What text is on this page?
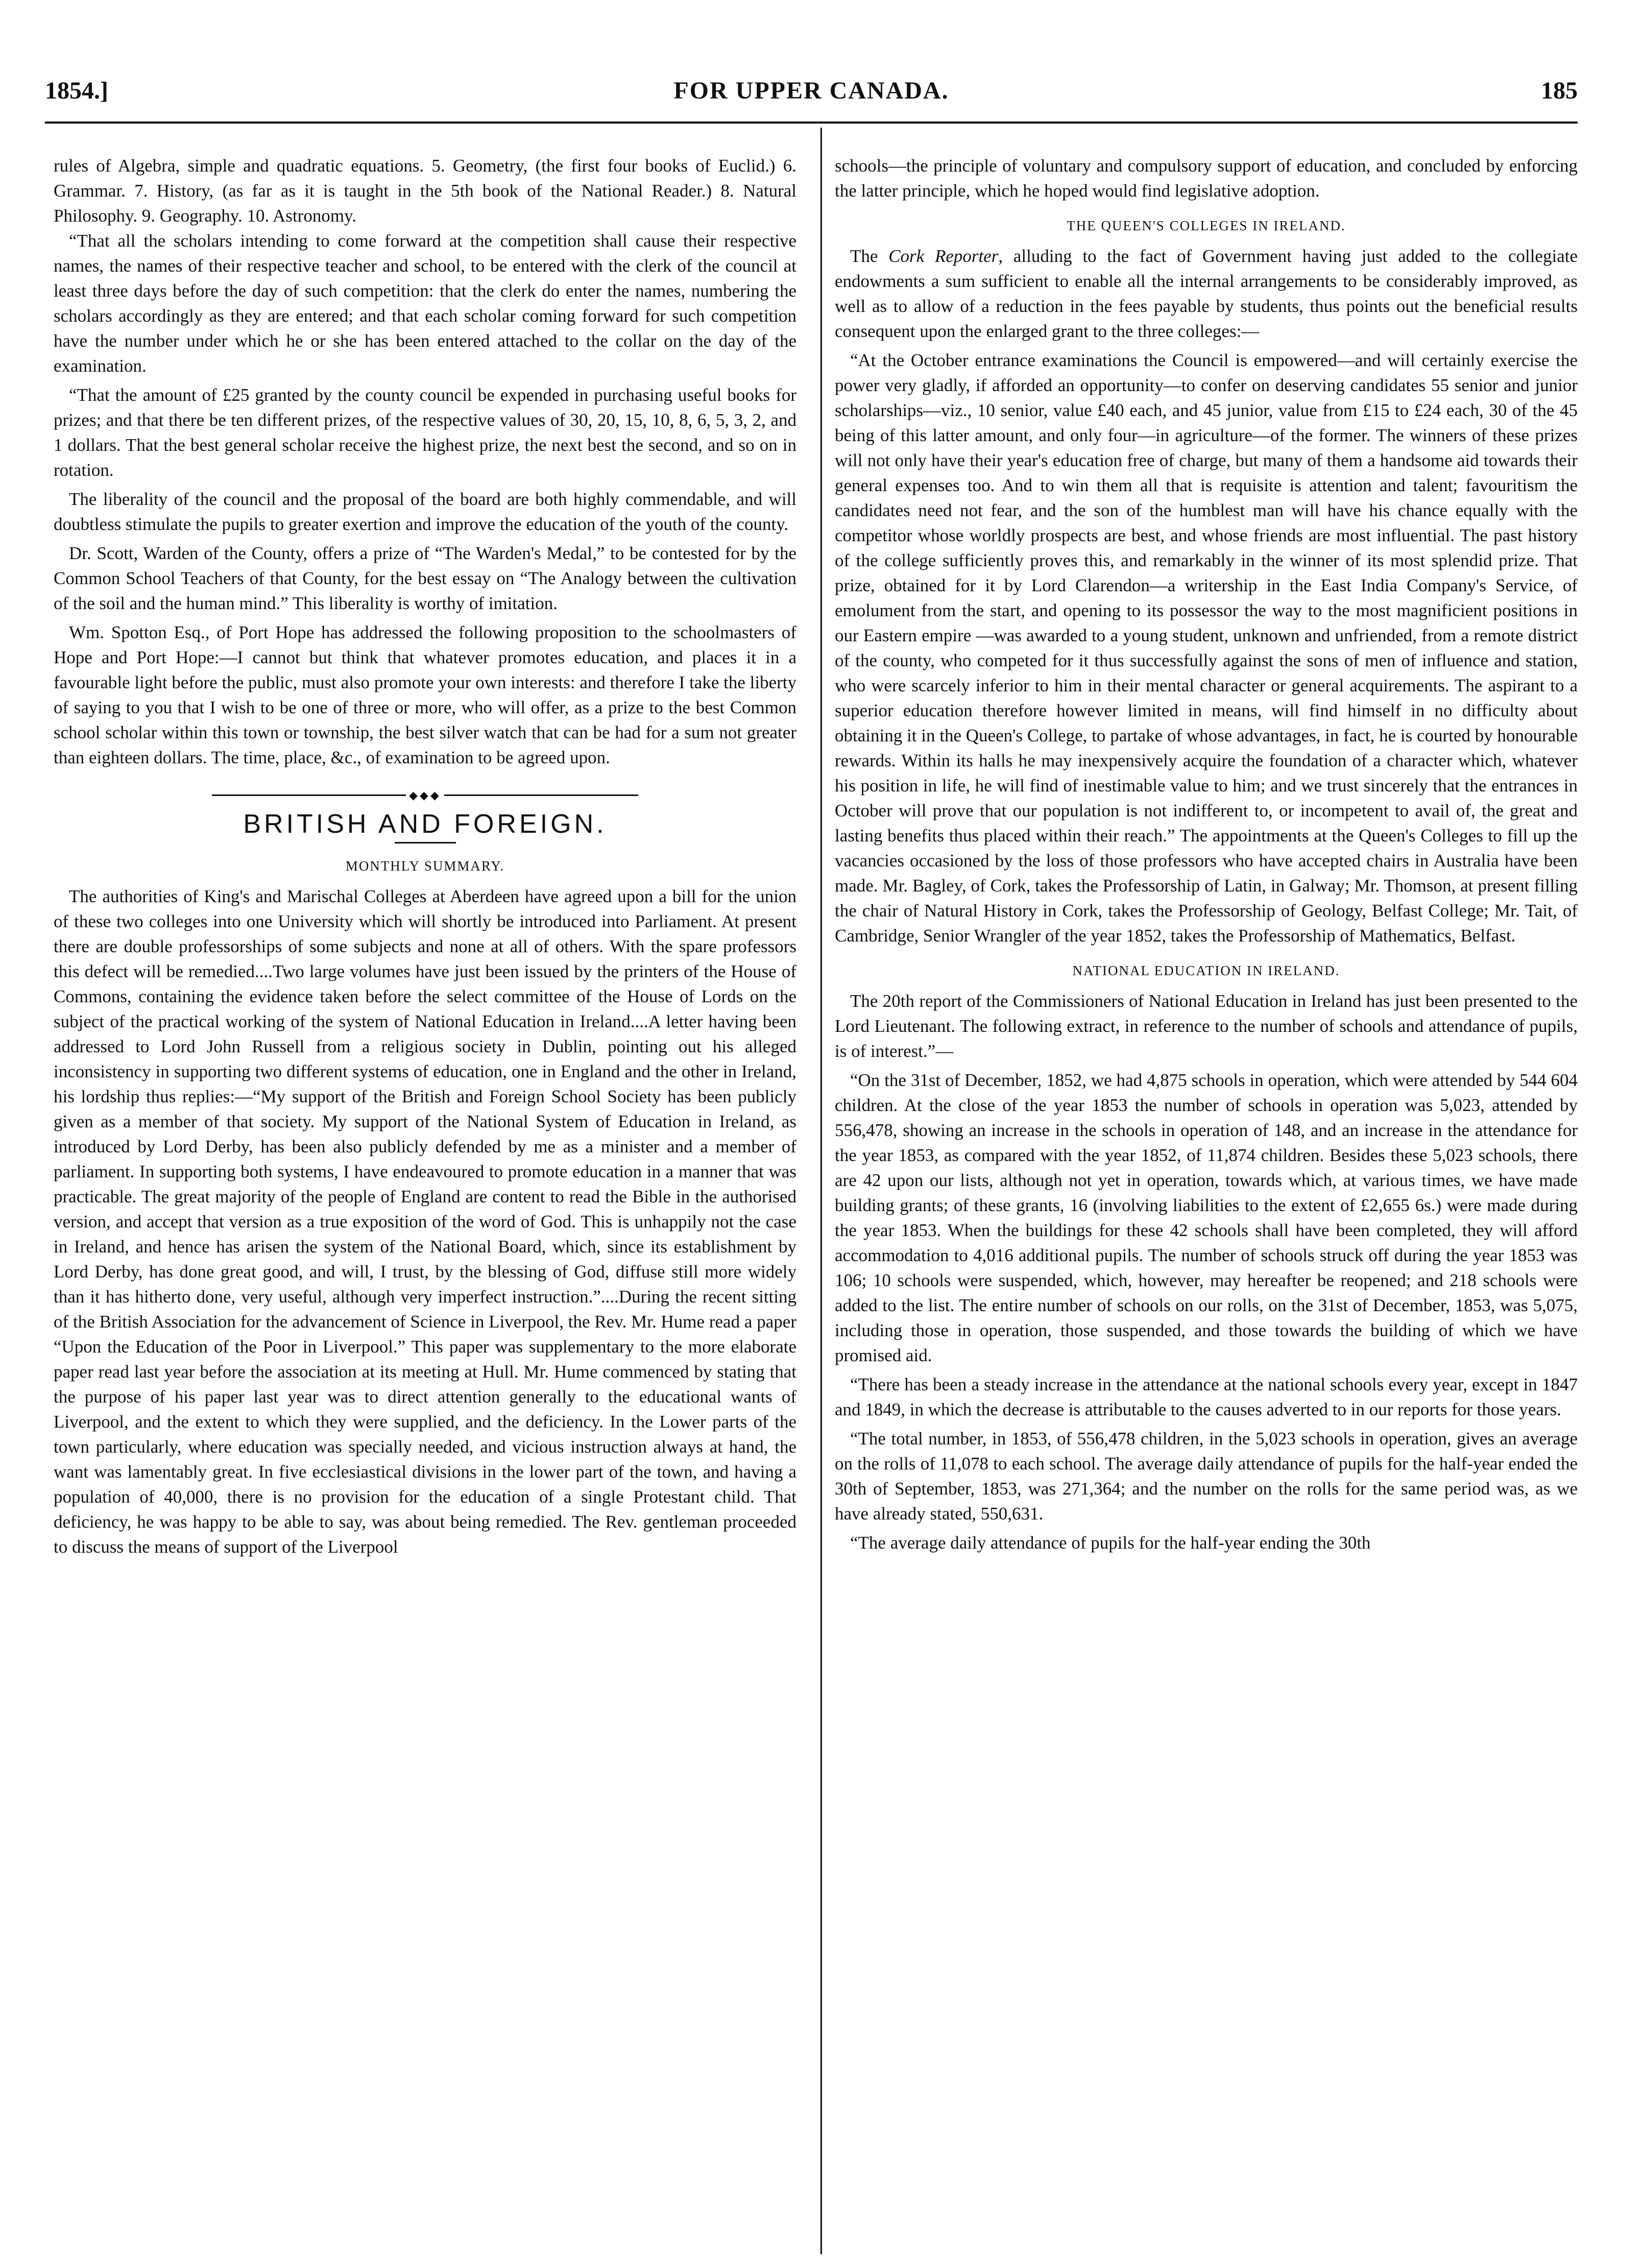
1854.]	FOR UPPER CANADA.	185

rules of Algebra, simple and quadratic equations. 5. Geometry, (the first four books of Euclid.) 6. Grammar. 7. History, (as far as it is taught in the 5th book of the National Reader.) 8. Natural Philosophy. 9. Geography. 10. Astronomy.

“That all the scholars intending to come forward at the competition shall cause their respective names, the names of their respective teacher and school, to be entered with the clerk of the council at least three days before the day of such competition: that the clerk do enter the names, numbering the scholars accordingly as they are entered; and that each scholar coming forward for such competition have the number under which he or she has been entered attached to the collar on the day of the examination.

“That the amount of £25 granted by the county council be expended in purchasing useful books for prizes; and that there be ten different prizes, of the respective values of 30, 20, 15, 10, 8, 6, 5, 3, 2, and 1 dollars. That the best general scholar receive the highest prize, the next best the second, and so on in rotation.

The liberality of the council and the proposal of the board are both highly commendable, and will doubtless stimulate the pupils to greater exertion and improve the education of the youth of the county.

Dr. Scott, Warden of the County, offers a prize of “The Warden's Medal,” to be contested for by the Common School Teachers of that County, for the best essay on “The Analogy between the cultivation of the soil and the human mind.” This liberality is worthy of imitation.

Wm. Spotton Esq., of Port Hope has addressed the following proposition to the schoolmasters of Hope and Port Hope:—I cannot but think that whatever promotes education, and places it in a favourable light before the public, must also promote your own interests: and therefore I take the liberty of saying to you that I wish to be one of three or more, who will offer, as a prize to the best Common school scholar within this town or township, the best silver watch that can be had for a sum not greater than eighteen dollars. The time, place, &c., of examination to be agreed upon.

◆◆◆
BRITISH AND FOREIGN.
MONTHLY SUMMARY.

The authorities of King's and Marischal Colleges at Aberdeen have agreed upon a bill for the union of these two colleges into one University which will shortly be introduced into Parliament. At present there are double professorships of some subjects and none at all of others. With the spare professors this defect will be remedied....Two large volumes have just been issued by the printers of the House of Commons, containing the evidence taken before the select committee of the House of Lords on the subject of the practical working of the system of National Education in Ireland....A letter having been addressed to Lord John Russell from a religious society in Dublin, pointing out his alleged inconsistency in supporting two different systems of education, one in England and the other in Ireland, his lordship thus replies:—“My support of the British and Foreign School Society has been publicly given as a member of that society. My support of the National System of Education in Ireland, as introduced by Lord Derby, has been also publicly defended by me as a minister and a member of parliament. In supporting both systems, I have endeavoured to promote education in a manner that was practicable. The great majority of the people of England are content to read the Bible in the authorised version, and accept that version as a true exposition of the word of God. This is unhappily not the case in Ireland, and hence has arisen the system of the National Board, which, since its establishment by Lord Derby, has done great good, and will, I trust, by the blessing of God, diffuse still more widely than it has hitherto done, very useful, although very imperfect instruction.”....During the recent sitting of the British Association for the advancement of Science in Liverpool, the Rev. Mr. Hume read a paper “Upon the Education of the Poor in Liverpool.” This paper was supplementary to the more elaborate paper read last year before the association at its meeting at Hull. Mr. Hume commenced by stating that the purpose of his paper last year was to direct attention generally to the educational wants of Liverpool, and the extent to which they were supplied, and the deficiency. In the Lower parts of the town particularly, where education was specially needed, and vicious instruction always at hand, the want was lamentably great. In five ecclesiastical divisions in the lower part of the town, and having a population of 40,000, there is no provision for the education of a single Protestant child. That deficiency, he was happy to be able to say, was about being remedied. The Rev. gentleman proceeded to discuss the means of support of the Liverpool

schools—the principle of voluntary and compulsory support of education, and concluded by enforcing the latter principle, which he hoped would find legislative adoption.

THE QUEEN'S COLLEGES IN IRELAND.

The Cork Reporter, alluding to the fact of Government having just added to the collegiate endowments a sum sufficient to enable all the internal arrangements to be considerably improved, as well as to allow of a reduction in the fees payable by students, thus points out the beneficial results consequent upon the enlarged grant to the three colleges:—

“At the October entrance examinations the Council is empowered—and will certainly exercise the power very gladly, if afforded an opportunity—to confer on deserving candidates 55 senior and junior scholarships—viz., 10 senior, value £40 each, and 45 junior, value from £15 to £24 each, 30 of the 45 being of this latter amount, and only four—in agriculture—of the former. The winners of these prizes will not only have their year's education free of charge, but many of them a handsome aid towards their general expenses too. And to win them all that is requisite is attention and talent; favouritism the candidates need not fear, and the son of the humblest man will have his chance equally with the competitor whose worldly prospects are best, and whose friends are most influential. The past history of the college sufficiently proves this, and remarkably in the winner of its most splendid prize. That prize, obtained for it by Lord Clarendon—a writership in the East India Company's Service, of emolument from the start, and opening to its possessor the way to the most magnificient positions in our Eastern empire —was awarded to a young student, unknown and unfriended, from a remote district of the county, who competed for it thus successfully against the sons of men of influence and station, who were scarcely inferior to him in their mental character or general acquirements. The aspirant to a superior education therefore however limited in means, will find himself in no difficulty about obtaining it in the Queen's College, to partake of whose advantages, in fact, he is courted by honourable rewards. Within its halls he may inexpensively acquire the foundation of a character which, whatever his position in life, he will find of inestimable value to him; and we trust sincerely that the entrances in October will prove that our population is not indifferent to, or incompetent to avail of, the great and lasting benefits thus placed within their reach.” The appointments at the Queen's Colleges to fill up the vacancies occasioned by the loss of those professors who have accepted chairs in Australia have been made. Mr. Bagley, of Cork, takes the Professorship of Latin, in Galway; Mr. Thomson, at present filling the chair of Natural History in Cork, takes the Professorship of Geology, Belfast College; Mr. Tait, of Cambridge, Senior Wrangler of the year 1852, takes the Professorship of Mathematics, Belfast.

NATIONAL EDUCATION IN IRELAND.

The 20th report of the Commissioners of National Education in Ireland has just been presented to the Lord Lieutenant. The following extract, in reference to the number of schools and attendance of pupils, is of interest.”—

“On the 31st of December, 1852, we had 4,875 schools in operation, which were attended by 544 604 children. At the close of the year 1853 the number of schools in operation was 5,023, attended by 556,478, showing an increase in the schools in operation of 148, and an increase in the attendance for the year 1853, as compared with the year 1852, of 11,874 children. Besides these 5,023 schools, there are 42 upon our lists, although not yet in operation, towards which, at various times, we have made building grants; of these grants, 16 (involving liabilities to the extent of £2,655 6s.) were made during the year 1853. When the buildings for these 42 schools shall have been completed, they will afford accommodation to 4,016 additional pupils. The number of schools struck off during the year 1853 was 106; 10 schools were suspended, which, however, may hereafter be reopened; and 218 schools were added to the list. The entire number of schools on our rolls, on the 31st of December, 1853, was 5,075, including those in operation, those suspended, and those towards the building of which we have promised aid.

“There has been a steady increase in the attendance at the national schools every year, except in 1847 and 1849, in which the decrease is attributable to the causes adverted to in our reports for those years.

“The total number, in 1853, of 556,478 children, in the 5,023 schools in operation, gives an average on the rolls of 11,078 to each school. The average daily attendance of pupils for the half-year ended the 30th of September, 1853, was 271,364; and the number on the rolls for the same period was, as we have already stated, 550,631.

“The average daily attendance of pupils for the half-year ending the 30th
